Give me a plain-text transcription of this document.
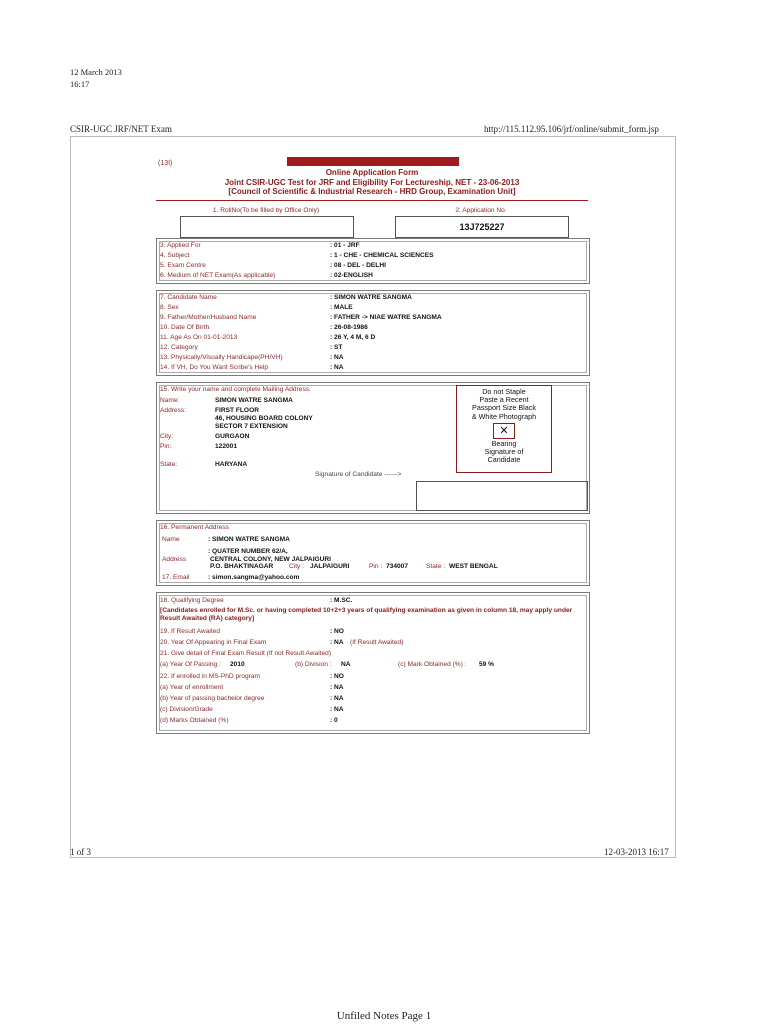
12 March 2013
16:17
CSIR-UGC JRF/NET Exam	http://115.112.95.106/jrf/online/submit_form.jsp
(13I)
Online Application Form
Joint CSIR-UGC Test for JRF and Eligibility For Lectureship, NET - 23-06-2013
[Council of Scientific & Industrial Research - HRD Group, Examination Unit]
1. RollNo(To be filled by Office Only)	2. Application No.
13J725227
3. Applied For	: 01 - JRF
4. Subject	: 1 - CHE - CHEMICAL SCIENCES
5. Exam Centre	: 08 - DEL - DELHI
6. Medium of NET Exam(As applicable)	: 02-ENGLISH
7. Candidate Name	: SIMON WATRE SANGMA
8. Sex	: MALE
9. Father/Mother/Husband Name	: FATHER -> NIAE WATRE SANGMA
10. Date Of Birth	: 26-08-1986
11. Age As On 01-01-2013	: 26 Y, 4 M, 6 D
12. Category	: ST
13. Physically/Visually Handicape(PH/VH)	: NA
14. If VH, Do You Want Scribe's Help	: NA
15. Write your name and complete Mailing Address.
Name:	SIMON WATRE SANGMA
Address:	FIRST FLOOR
46, HOUSING BOARD COLONY
SECTOR 7 EXTENSION
City:	GURGAON
Pin:	122001
State:	HARYANA
Do not Staple
Paste a Recent
Passport Size Black
& White Photograph
✕
Bearing
Signature of
Candidate
Signature of Candidate ------>
16. Permanent Address
Name	: SIMON WATRE SANGMA
: QUATER NUMBER 62/A,
Address	CENTRAL COLONY, NEW JALPAIGURI
P.O. BHAKTINAGAR City : JALPAIGURI	Pin : 734007	State : WEST BENGAL
17. Email	: simon.sangma@yahoo.com
18. Qualifying Degree	: M.SC.
[Candidates enrolled for M.Sc. or having completed 10+2+3 years of qualifying examination as given in column 18, may apply under Result Awaited (RA) category]
19. If Result Awaited	: NO
20. Year Of Appearing in Final Exam	: NA (If Result Awaited)
21. Give detail of Final Exam Result (If not Result Awaited)
(a) Year Of Passing : 2010	(b) Division : NA	(c) Mark Obtained (%) : 59 %
22. If enrolled in MS-PhD program	: NO
(a) Year of enrollment	: NA
(b) Year of passing bachelor degree	: NA
(c) Division/Grade	: NA
(d) Marks Obtained (%)	: 0
1 of 3	12-03-2013 16:17
Unfiled Notes Page 1
